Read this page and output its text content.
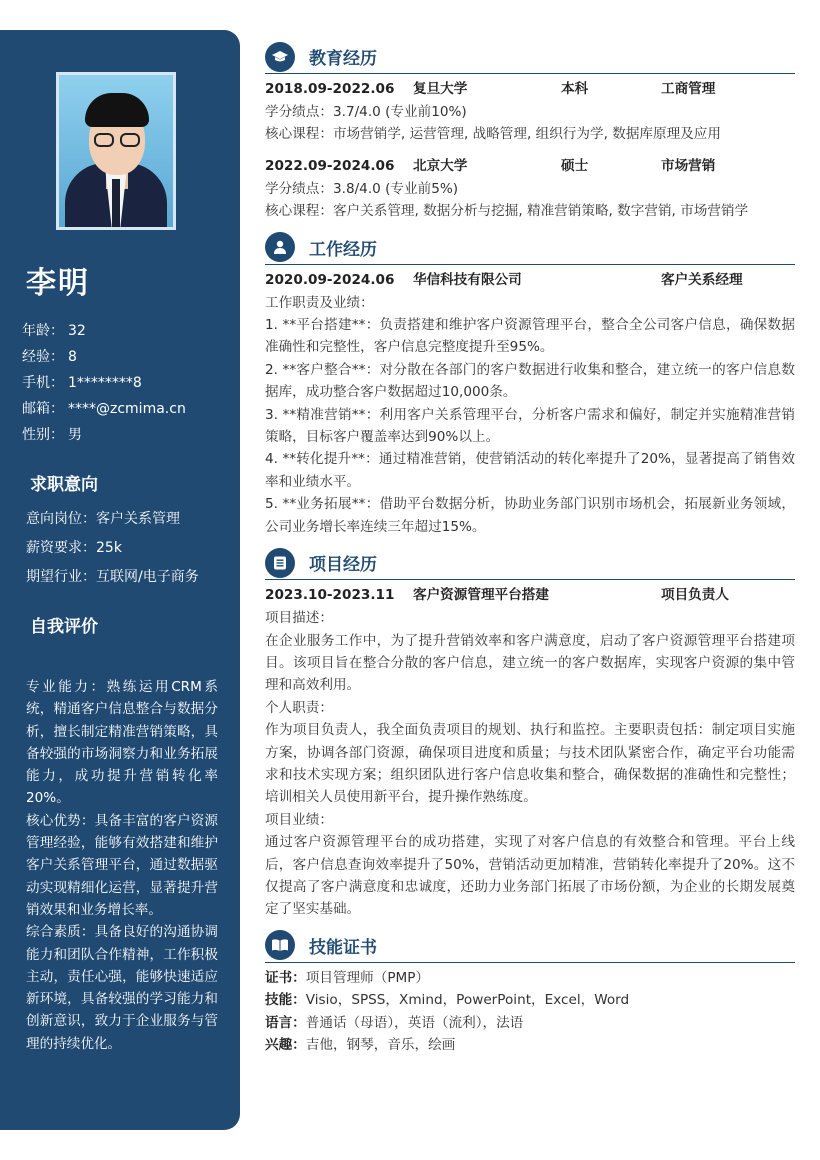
李明
年龄： 32
经验： 8
手机： 1********8
邮箱： ****@zcmima.cn
性别： 男
求职意向
意向岗位：客户关系管理
薪资要求：25k
期望行业：互联网/电子商务
自我评价

专业能力：熟练运用CRM系统，精通客户信息整合与数据分析，擅长制定精准营销策略，具备较强的市场洞察力和业务拓展能力，成功提升营销转化率20%。

核心优势：具备丰富的客户资源管理经验，能够有效搭建和维护客户关系管理平台，通过数据驱动实现精细化运营，显著提升营销效果和业务增长率。

综合素质：具备良好的沟通协调能力和团队合作精神，工作积极主动，责任心强，能够快速适应新环境，具备较强的学习能力和创新意识，致力于企业服务与管理的持续优化。

教育经历
2018.09-2022.06	复旦大学	本科	工商管理
学分绩点：3.7/4.0 (专业前10%)
核心课程：市场营销学, 运营管理, 战略管理, 组织行为学, 数据库原理及应用
2022.09-2024.06	北京大学	硕士	市场营销
学分绩点：3.8/4.0 (专业前5%)
核心课程：客户关系管理, 数据分析与挖掘, 精准营销策略, 数字营销, 市场营销学
工作经历
2020.09-2024.06	华信科技有限公司	客户关系经理
工作职责及业绩：
1. **平台搭建**：负责搭建和维护客户资源管理平台，整合全公司客户信息，确保数据准确性和完整性，客户信息完整度提升至95%。
2. **客户整合**：对分散在各部门的客户数据进行收集和整合，建立统一的客户信息数据库，成功整合客户数据超过10,000条。
3. **精准营销**：利用客户关系管理平台，分析客户需求和偏好，制定并实施精准营销策略，目标客户覆盖率达到90%以上。
4. **转化提升**：通过精准营销，使营销活动的转化率提升了20%，显著提高了销售效率和业绩水平。
5. **业务拓展**：借助平台数据分析，协助业务部门识别市场机会，拓展新业务领域，公司业务增长率连续三年超过15%。
项目经历
2023.10-2023.11	客户资源管理平台搭建	项目负责人
项目描述：
在企业服务工作中，为了提升营销效率和客户满意度，启动了客户资源管理平台搭建项目。该项目旨在整合分散的客户信息，建立统一的客户数据库，实现客户资源的集中管理和高效利用。
个人职责：
作为项目负责人，我全面负责项目的规划、执行和监控。主要职责包括：制定项目实施方案，协调各部门资源，确保项目进度和质量；与技术团队紧密合作，确定平台功能需求和技术实现方案；组织团队进行客户信息收集和整合，确保数据的准确性和完整性；培训相关人员使用新平台，提升操作熟练度。
项目业绩：
通过客户资源管理平台的成功搭建，实现了对客户信息的有效整合和管理。平台上线后，客户信息查询效率提升了50%，营销活动更加精准，营销转化率提升了20%。这不仅提高了客户满意度和忠诚度，还助力业务部门拓展了市场份额，为企业的长期发展奠定了坚实基础。
技能证书
证书：项目管理师（PMP）
技能：Visio，SPSS，Xmind，PowerPoint，Excel，Word
语言：普通话（母语），英语（流利），法语
兴趣：吉他，钢琴，音乐，绘画
